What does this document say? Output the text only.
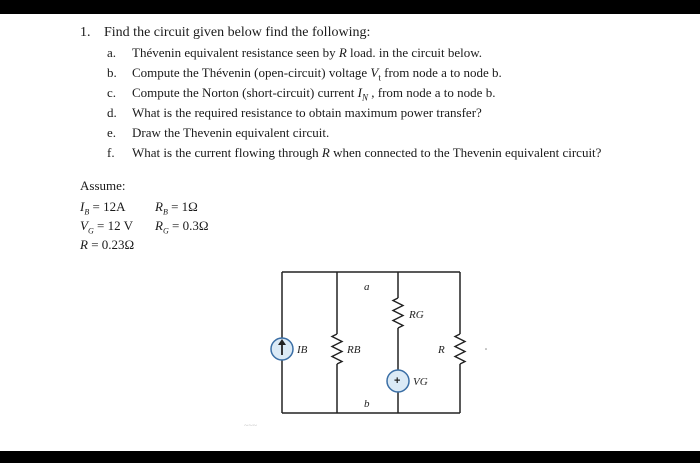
1. Find the circuit given below find the following:
a. Thévenin equivalent resistance seen by R load. in the circuit below.
b. Compute the Thévenin (open-circuit) voltage $V_t$ from node a to node b.
c. Compute the Norton (short-circuit) current $I_N$ , from node a to node b.
d. What is the required resistance to obtain maximum power transfer?
e. Draw the Thevenin equivalent circuit.
f. What is the current flowing through R when connected to the Thevenin equivalent circuit?
Assume:
$I_B = 12A$ $R_B = 1\Omega$
$V_G = 12$ V $R_G = 0.3\Omega$
R = 0.23Ω
IB	RB
RG
+ VG
R
a
b
~~~
